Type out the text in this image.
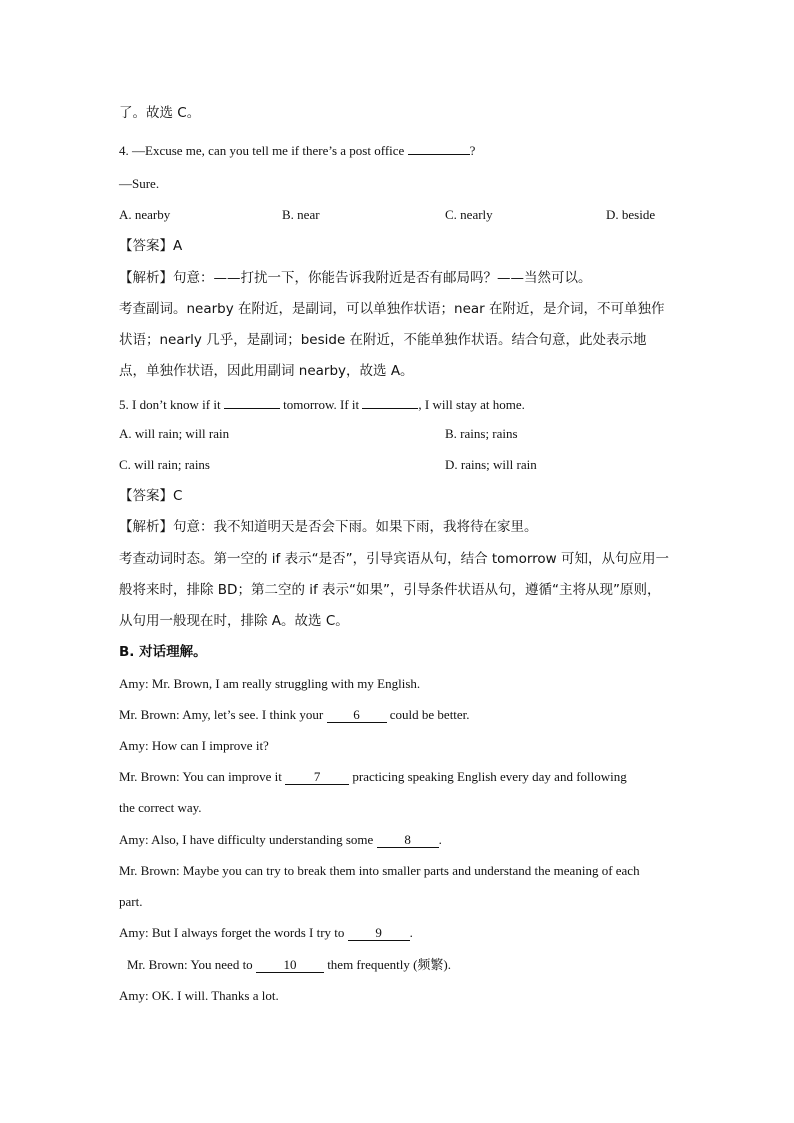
了。故选 C。
4. —Excuse me, can you tell me if there’s a post office	?
—Sure.
A. nearby	B. near	C. nearly	D. beside
【答案】A
【解析】句意：——打扰一下，你能告诉我附近是否有邮局吗？——当然可以。
考查副词。nearby 在附近，是副词，可以单独作状语；near 在附近，是介词，不可单独作
状语；nearly 几乎，是副词；beside 在附近，不能单独作状语。结合句意，此处表示地
点，单独作状语，因此用副词 nearby，故选 A。
5. I don’t know if it	tomorrow. If it	, I will stay at home.
A. will rain; will rain	B. rains; rains
C. will rain; rains	D. rains; will rain
【答案】C
【解析】句意：我不知道明天是否会下雨。如果下雨，我将待在家里。
考查动词时态。第一空的 if 表示“是否”，引导宾语从句，结合 tomorrow 可知，从句应用一
般将来时，排除 BD；第二空的 if 表示“如果”，引导条件状语从句，遵循“主将从现”原则，
从句用一般现在时，排除 A。故选 C。
B. 对话理解。
Amy: Mr. Brown, I am really struggling with my English.
Mr. Brown: Amy, let’s see. I think your 6 could be better.
Amy: How can I improve it?
Mr. Brown: You can improve it 7 practicing speaking English every day and following
the correct way.
Amy: Also, I have difficulty understanding some 8 .
Mr. Brown: Maybe you can try to break them into smaller parts and understand the meaning of each
part.
Amy: But I always forget the words I try to 9 .
Mr. Brown: You need to 10 them frequently (频繁).
Amy: OK. I will. Thanks a lot.
